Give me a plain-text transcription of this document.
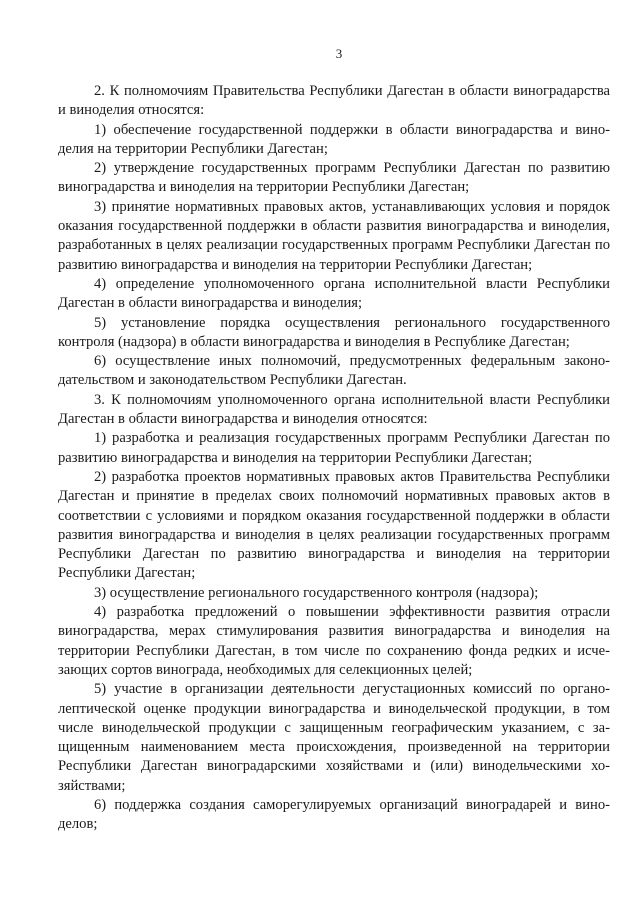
3

2. К полномочиям Правительства Республики Дагестан в области виноградарства и виноделия относятся:

1) обеспечение государственной поддержки в области виноградарства и виноделия на территории Республики Дагестан;

2) утверждение государственных программ Республики Дагестан по развитию виноградарства и виноделия на территории Республики Дагестан;

3) принятие нормативных правовых актов, устанавливающих условия и порядок оказания государственной поддержки в области развития виноградарства и виноделия, разработанных в целях реализации государственных программ Республики Дагестан по развитию виноградарства и виноделия на территории Республики Дагестан;

4) определение уполномоченного органа исполнительной власти Республики Дагестан в области виноградарства и виноделия;

5) установление порядка осуществления регионального государственного контроля (надзора) в области виноградарства и виноделия в Республике Дагестан;

6) осуществление иных полномочий, предусмотренных федеральным законодательством и законодательством Республики Дагестан.

3. К полномочиям уполномоченного органа исполнительной власти Республики Дагестан в области виноградарства и виноделия относятся:

1) разработка и реализация государственных программ Республики Дагестан по развитию виноградарства и виноделия на территории Республики Дагестан;

2) разработка проектов нормативных правовых актов Правительства Республики Дагестан и принятие в пределах своих полномочий нормативных правовых актов в соответствии с условиями и порядком оказания государственной поддержки в области развития виноградарства и виноделия в целях реализации государственных программ Республики Дагестан по развитию виноградарства и виноделия на территории Республики Дагестан;

3) осуществление регионального государственного контроля (надзора);

4) разработка предложений о повышении эффективности развития отрасли виноградарства, мерах стимулирования развития виноградарства и виноделия на территории Республики Дагестан, в том числе по сохранению фонда редких и исчезающих сортов винограда, необходимых для селекционных целей;

5) участие в организации деятельности дегустационных комиссий по органолептической оценке продукции виноградарства и винодельческой продукции, в том числе винодельческой продукции с защищенным географическим указанием, с защищенным наименованием места происхождения, произведенной на территории Республики Дагестан виноградарскими хозяйствами и (или) винодельческими хозяйствами;

6) поддержка создания саморегулируемых организаций виноградарей и виноделов;
